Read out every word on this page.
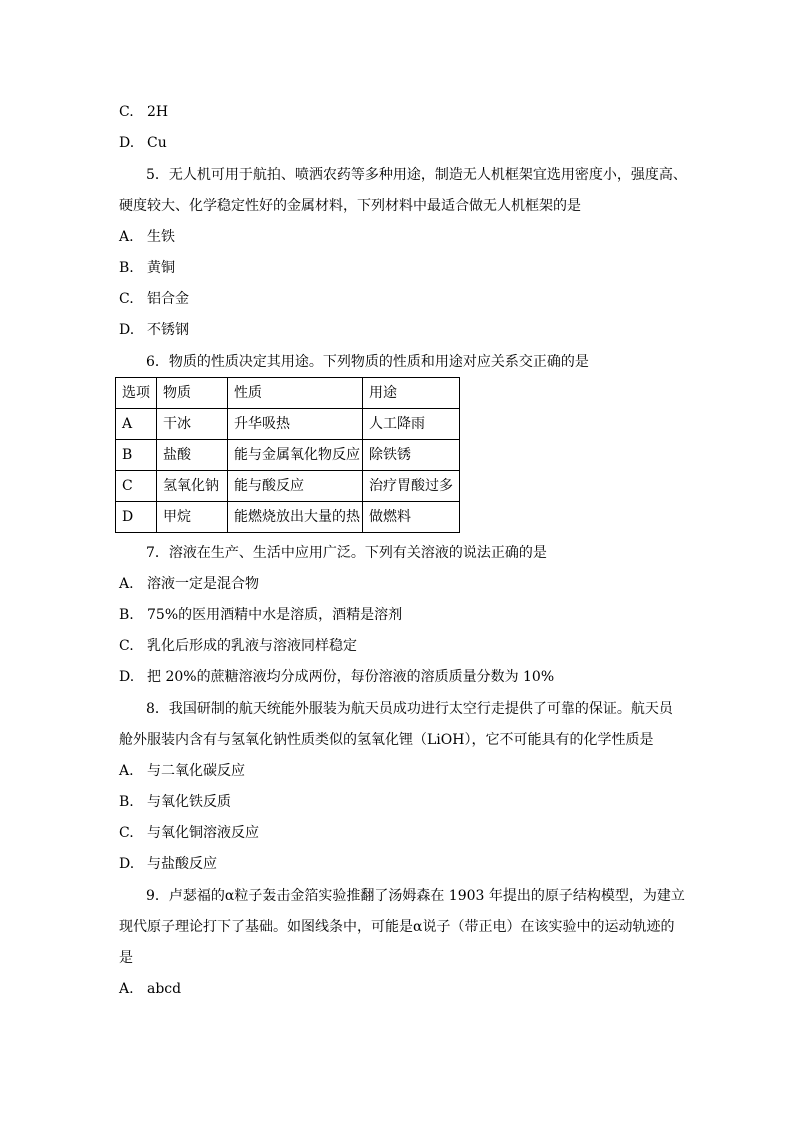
C. 2H
D. Cu
5．无人机可用于航拍、喷洒农药等多种用途，制造无人机框架宜选用密度小，强度高、
硬度较大、化学稳定性好的金属材料，下列材料中最适合做无人机框架的是
A. 生铁
B. 黄铜
C. 铝合金
D. 不锈钢
6．物质的性质决定其用途。下列物质的性质和用途对应关系交正确的是
选项	物质	性质	用途
A	干冰	升华吸热	人工降雨
B	盐酸	能与金属氧化物反应	除铁锈
C	氢氧化钠	能与酸反应	治疗胃酸过多
D	甲烷	能燃烧放出大量的热	做燃料
7．溶液在生产、生活中应用广泛。下列有关溶液的说法正确的是
A. 溶液一定是混合物
B. 75%的医用酒精中水是溶质，酒精是溶剂
C. 乳化后形成的乳液与溶液同样稳定
D. 把 20%的蔗糖溶液均分成两份，每份溶液的溶质质量分数为 10%
8．我国研制的航天统能外服装为航天员成功进行太空行走提供了可靠的保证。航天员
舱外服装内含有与氢氧化钠性质类似的氢氧化锂（LiOH），它不可能具有的化学性质是
A. 与二氧化碳反应
B. 与氧化铁反质
C. 与氧化铜溶液反应
D. 与盐酸反应
9．卢瑟福的α粒子轰击金箔实验推翻了汤姆森在 1903 年提出的原子结构模型，为建立
现代原子理论打下了基础。如图线条中，可能是α说子（带正电）在该实验中的运动轨迹的
是
A. abcd
